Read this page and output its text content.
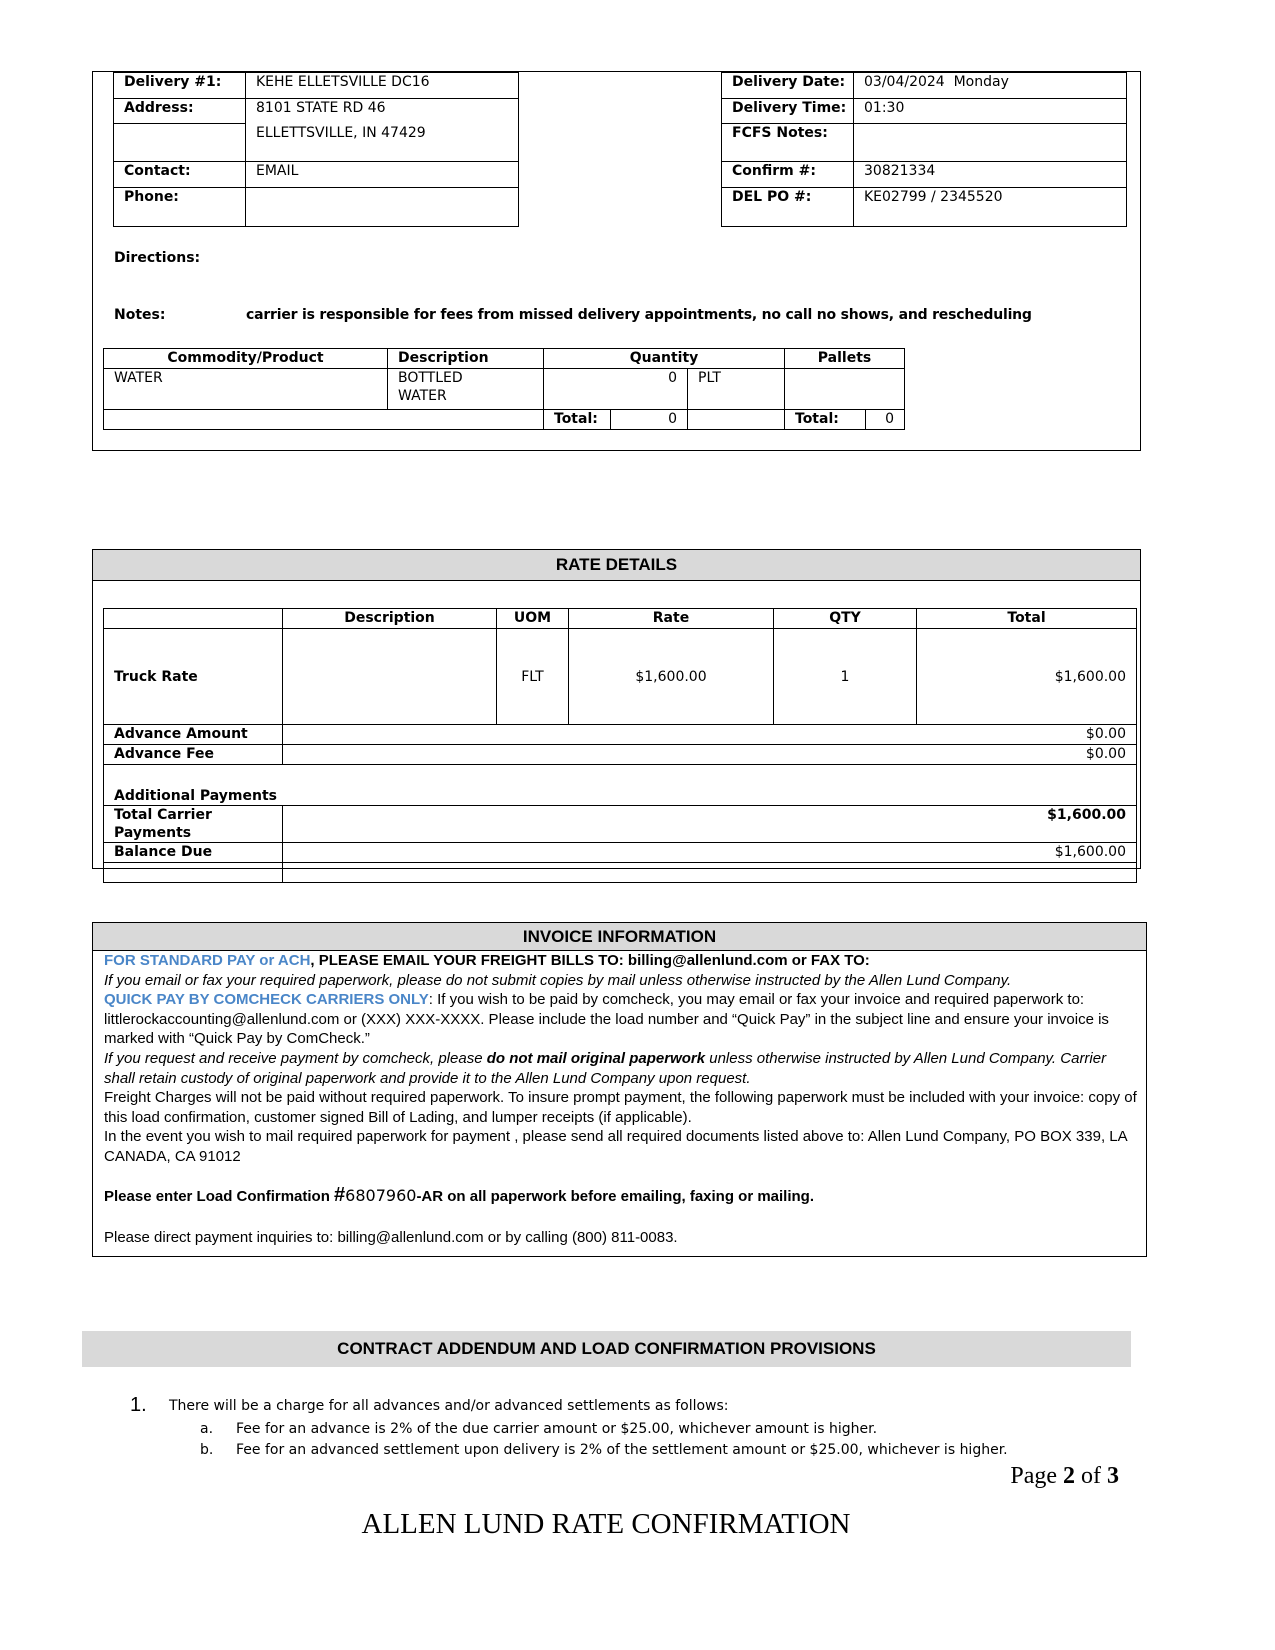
Delivery #1:	KEHE ELLETSVILLE DC16
Address:	8101 STATE RD 46
	ELLETTSVILLE, IN 47429
Contact:	EMAIL
Phone:	
Delivery Date:	03/04/2024  Monday
Delivery Time:	01:30
FCFS Notes:	
Confirm #:	30821334
DEL PO #:	KE02799 / 2345520
Directions:
Notes:	carrier is responsible for fees from missed delivery appointments, no call no shows, and rescheduling
Commodity/Product	Description	Quantity			Pallets	
WATER	BOTTLED WATER	0		PLT		
		Total:	0		Total:	0
RATE DETAILS
	Description	UOM	Rate	QTY	Total
Truck Rate		FLT	$1,600.00	1	$1,600.00
Advance Amount	$0.00				
Advance Fee	$0.00				
Additional Payments					
Total Carrier Payments	$1,600.00				
Balance Due	$1,600.00				

INVOICE INFORMATION
FOR STANDARD PAY or ACH, PLEASE EMAIL YOUR FREIGHT BILLS TO: billing@allenlund.com or FAX TO:
If you email or fax your required paperwork, please do not submit copies by mail unless otherwise instructed by the Allen Lund Company.
QUICK PAY BY COMCHECK CARRIERS ONLY: If you wish to be paid by comcheck, you may email or fax your invoice and required paperwork to: littlerockaccounting@allenlund.com or (XXX) XXX-XXXX. Please include the load number and “Quick Pay” in the subject line and ensure your invoice is marked with “Quick Pay by ComCheck.”
If you request and receive payment by comcheck, please do not mail original paperwork unless otherwise instructed by Allen Lund Company. Carrier shall retain custody of original paperwork and provide it to the Allen Lund Company upon request.
Freight Charges will not be paid without required paperwork. To insure prompt payment, the following paperwork must be included with your invoice: copy of this load confirmation, customer signed Bill of Lading, and lumper receipts (if applicable).
In the event you wish to mail required paperwork for payment , please send all required documents listed above to: Allen Lund Company, PO BOX 339, LA CANADA, CA 91012
Please enter Load Confirmation #6807960-AR on all paperwork before emailing, faxing or mailing.
Please direct payment inquiries to: billing@allenlund.com or by calling (800) 811-0083.
CONTRACT ADDENDUM AND LOAD CONFIRMATION PROVISIONS
1. There will be a charge for all advances and/or advanced settlements as follows:
a. Fee for an advance is 2% of the due carrier amount or $25.00, whichever amount is higher.
b. Fee for an advanced settlement upon delivery is 2% of the settlement amount or $25.00, whichever is higher.
Page 2 of 3
ALLEN LUND RATE CONFIRMATION
